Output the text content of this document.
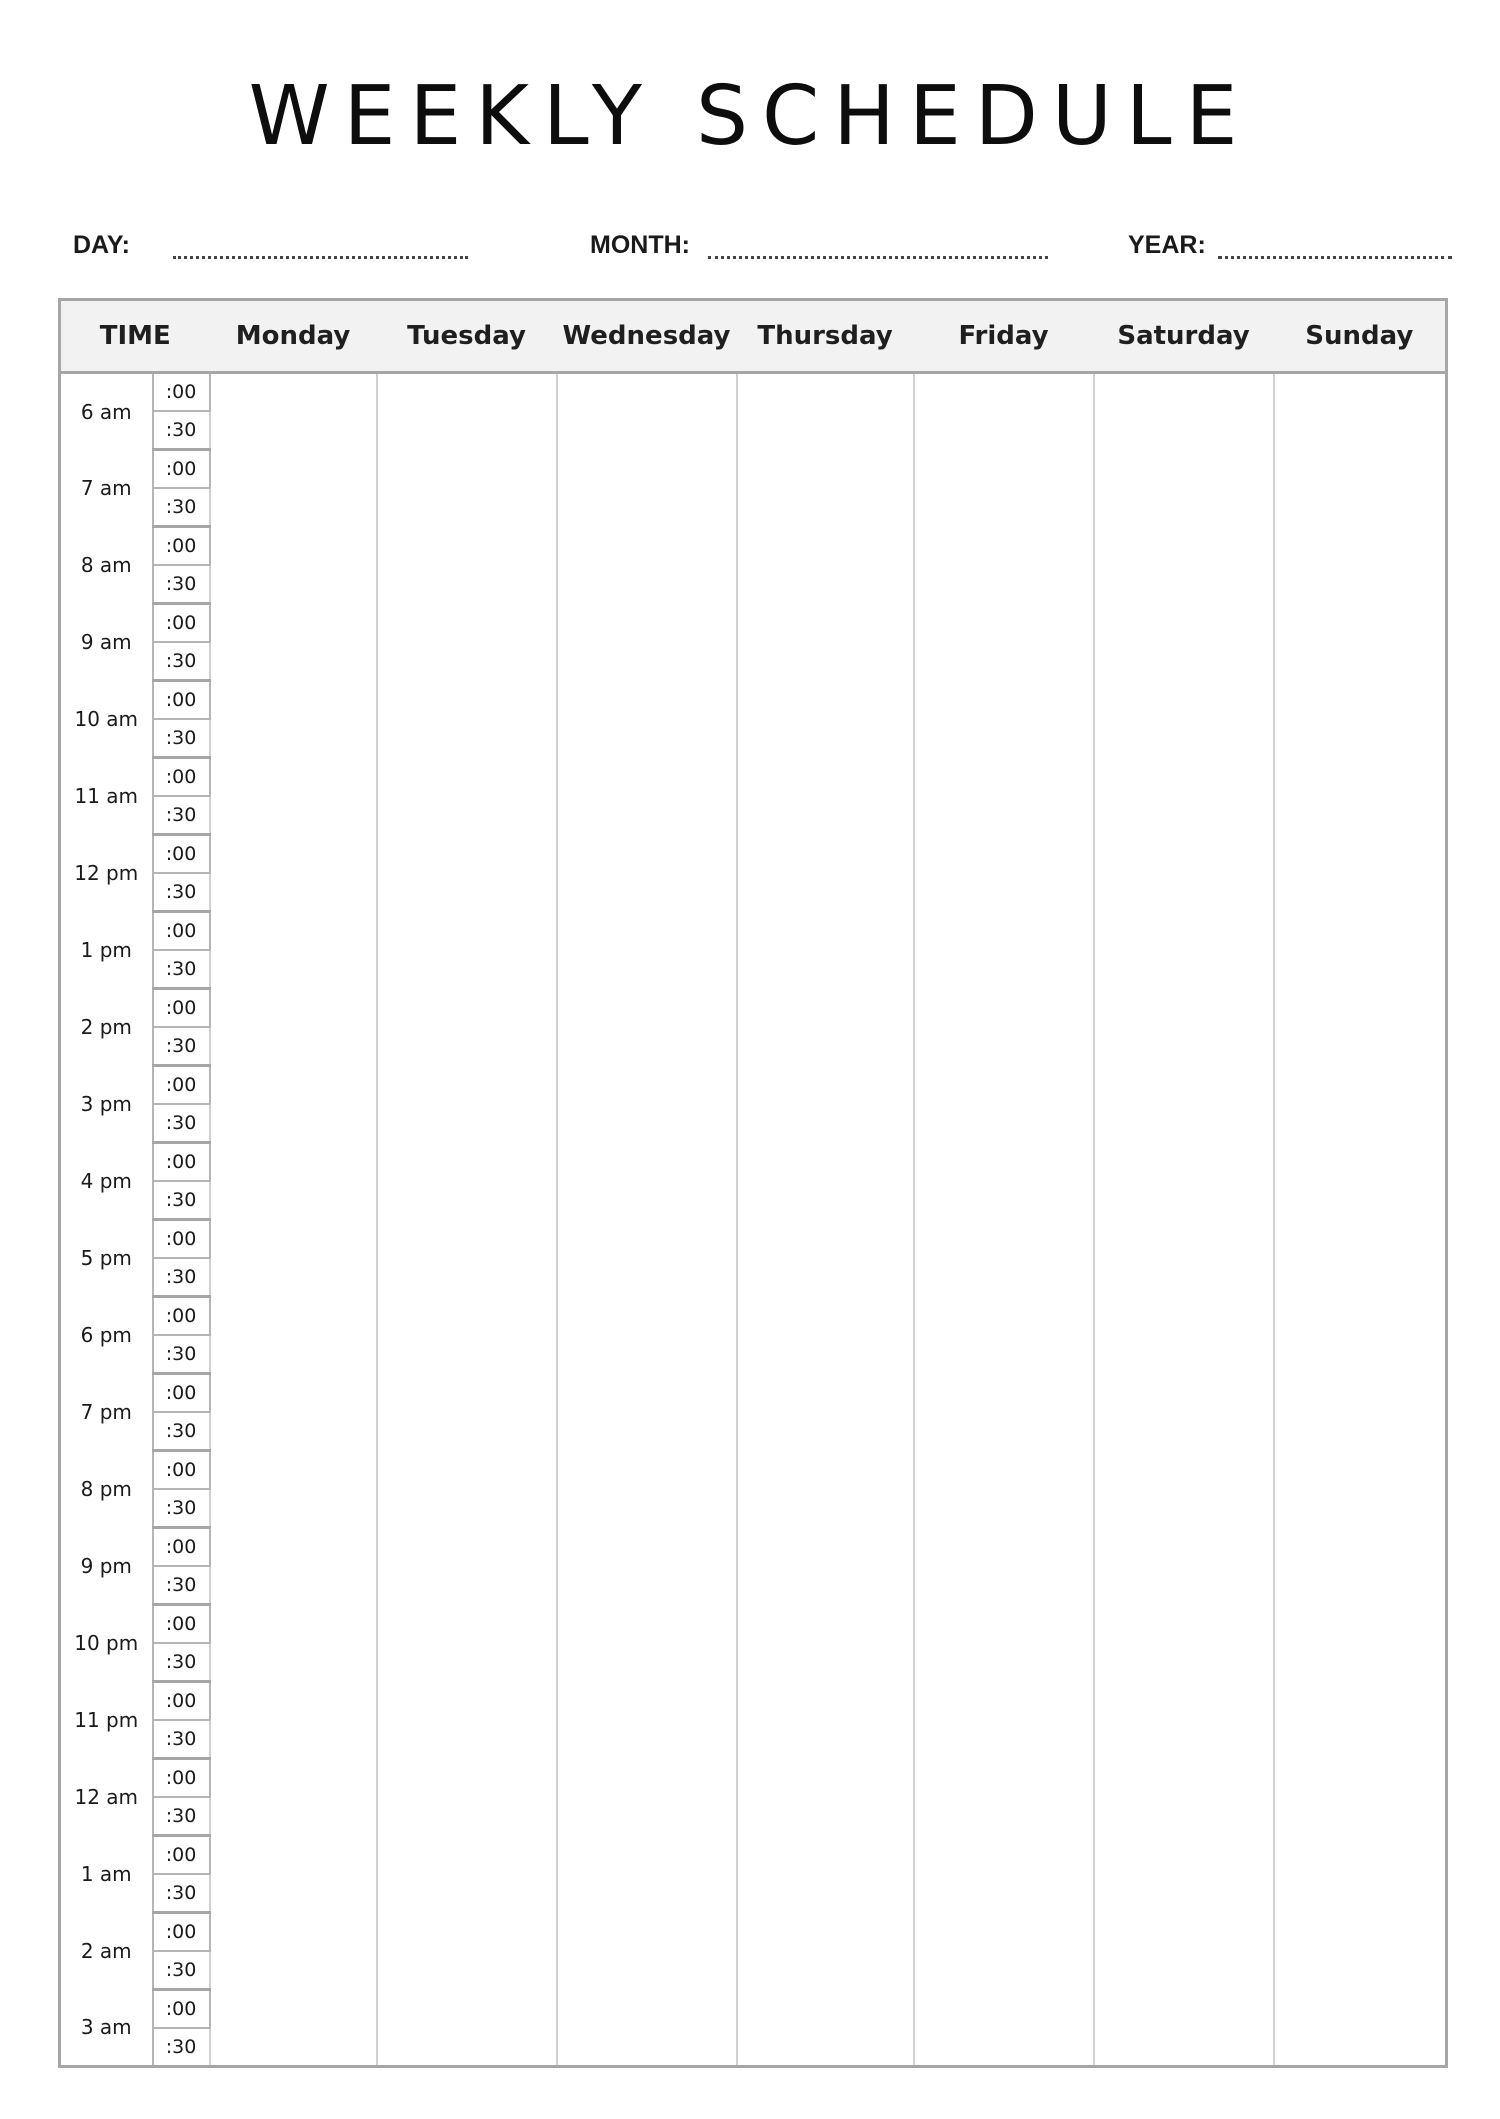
WEEKLY SCHEDULE
DAY:	MONTH:	YEAR:
TIME		Monday	Tuesday	Wednesday	Thursday	Friday	Saturday	Sunday
6 am	:00							
	:30							
7 am	:00							
	:30							
8 am	:00							
	:30							
9 am	:00							
	:30							
10 am	:00							
	:30							
11 am	:00							
	:30							
12 pm	:00							
	:30							
1 pm	:00							
	:30							
2 pm	:00							
	:30							
3 pm	:00							
	:30							
4 pm	:00							
	:30							
5 pm	:00							
	:30							
6 pm	:00							
	:30							
7 pm	:00							
	:30							
8 pm	:00							
	:30							
9 pm	:00							
	:30							
10 pm	:00							
	:30							
11 pm	:00							
	:30							
12 am	:00							
	:30							
1 am	:00							
	:30							
2 am	:00							
	:30							
3 am	:00							
	:30							
